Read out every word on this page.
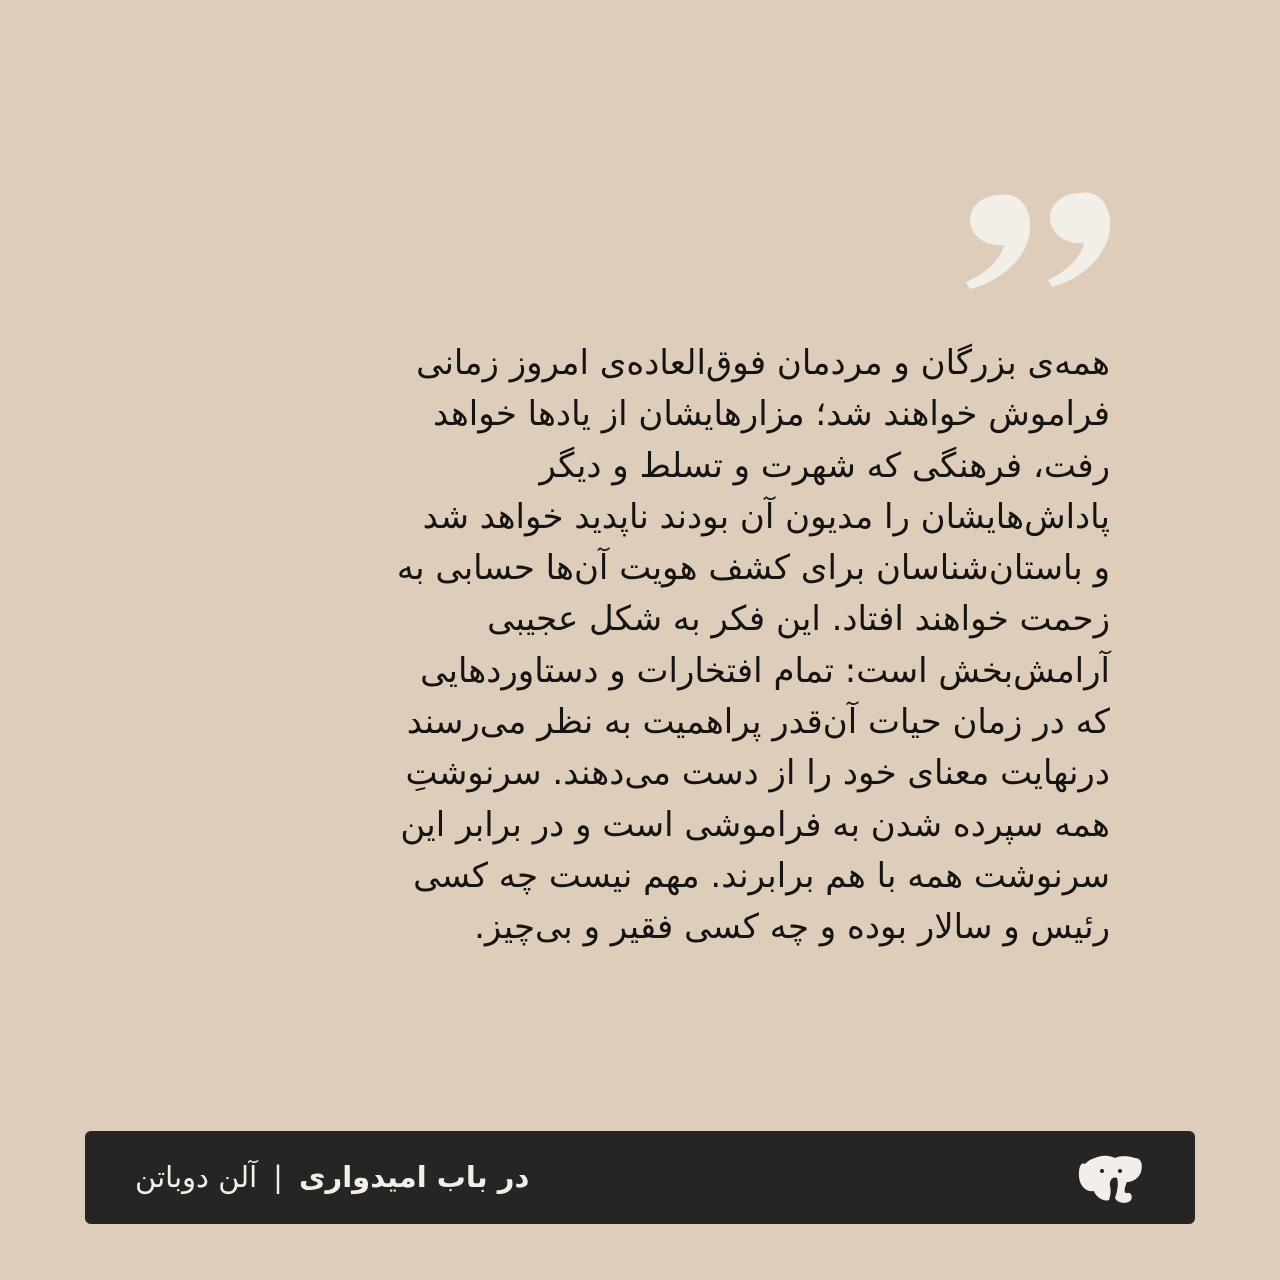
همه‌ی بزرگان و مردمان فوق‌العاده‌ی امروز زمانی
فراموش خواهند شد؛ مزارهایشان از یادها خواهد
رفت، فرهنگی که شهرت و تسلط و دیگر
پاداش‌هایشان را مدیون آن بودند ناپدید خواهد شد
و باستان‌شناسان برای کشف هویت آن‌ها حسابی به
زحمت خواهند افتاد. این فکر به شکل عجیبی
آرامش‌بخش است: تمام افتخارات و دستاوردهایی
که در زمان حیات آن‌قدر پراهمیت به نظر می‌رسند
درنهایت معنای خود را از دست می‌دهند. سرنوشتِ
همه سپرده شدن به فراموشی است و در برابر این
سرنوشت همه با هم برابرند. مهم نیست چه کسی
رئیس و سالار بوده و چه کسی فقیر و بی‌چیز.
در باب امیدواری|آلن دوباتن
